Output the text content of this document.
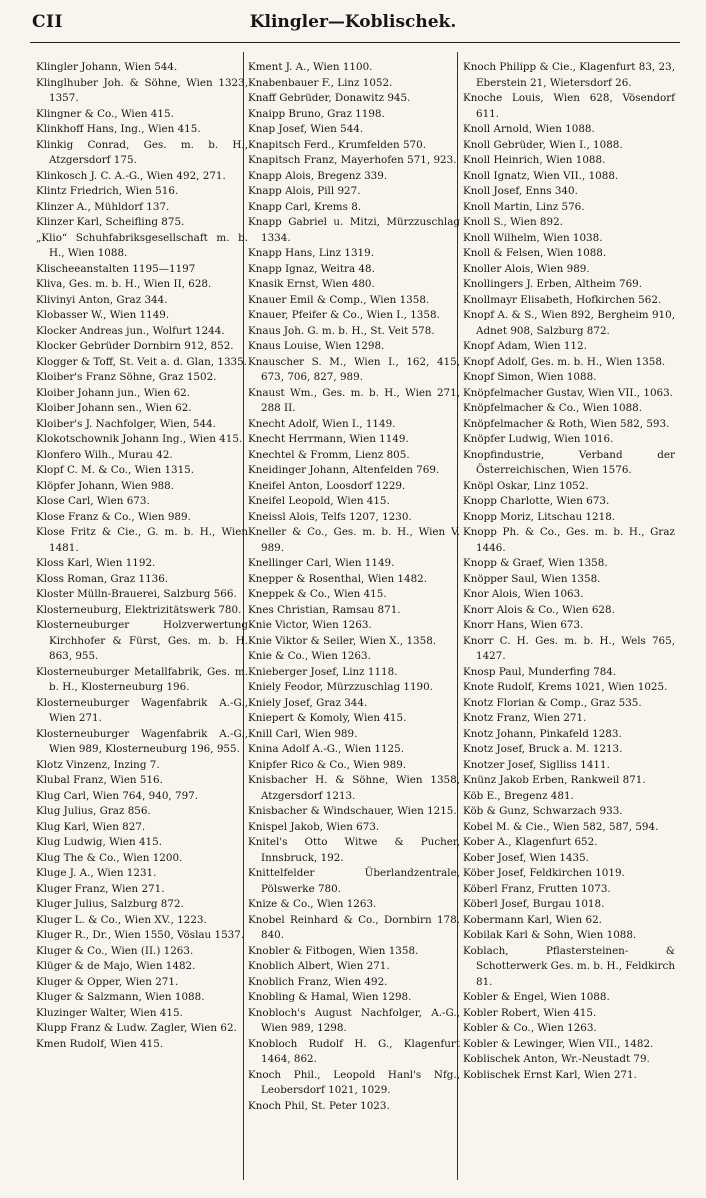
CII	Klingler—Koblischek.

Klingler Johann, Wien 544.

Klinglhuber Joh. & Söhne, Wien 1323, 1357.

Klingner & Co., Wien 415.

Klinkhoff Hans, Ing., Wien 415.

Klinkig Conrad, Ges. m. b. H., Atzgersdorf 175.

Klinkosch J. C. A.-G., Wien 492, 271.

Klintz Friedrich, Wien 516.

Klinzer A., Mühldorf 137.

Klinzer Karl, Scheifling 875.

„Klio“ Schuhfabriksgesellschaft m. b. H., Wien 1088.

Klischeeanstalten 1195—1197

Kliva, Ges. m. b. H., Wien II, 628.

Klivinyi Anton, Graz 344.

Klobasser W., Wien 1149.

Klocker Andreas jun., Wolfurt 1244.

Klocker Gebrüder Dornbirn 912, 852.

Klogger & Toff, St. Veit a. d. Glan, 1335.

Kloiber's Franz Söhne, Graz 1502.

Kloiber Johann jun., Wien 62.

Kloiber Johann sen., Wien 62.

Kloiber's J. Nachfolger, Wien, 544.

Klokotschownik Johann Ing., Wien 415.

Klonfero Wilh., Murau 42.

Klopf C. M. & Co., Wien 1315.

Klöpfer Johann, Wien 988.

Klose Carl, Wien 673.

Klose Franz & Co., Wien 989.

Klose Fritz & Cie., G. m. b. H., Wien 1481.

Kloss Karl, Wien 1192.

Kloss Roman, Graz 1136.

Kloster Mülln-Brauerei, Salzburg 566.

Klosterneuburg, Elektrizitätswerk 780.

Klosterneuburger Holzverwertung Kirchhofer & Fürst, Ges. m. b. H. 863, 955.

Klosterneuburger Metallfabrik, Ges. m. b. H., Klosterneuburg 196.

Klosterneuburger Wagenfabrik A.-G., Wien 271.

Klosterneuburger Wagenfabrik A.-G., Wien 989, Klosterneuburg 196, 955.

Klotz Vinzenz, Inzing 7.

Klubal Franz, Wien 516.

Klug Carl, Wien 764, 940, 797.

Klug Julius, Graz 856.

Klug Karl, Wien 827.

Klug Ludwig, Wien 415.

Klug The & Co., Wien 1200.

Kluge J. A., Wien 1231.

Kluger Franz, Wien 271.

Kluger Julius, Salzburg 872.

Kluger L. & Co., Wien XV., 1223.

Kluger R., Dr., Wien 1550, Vöslau 1537.

Kluger & Co., Wien (II.) 1263.

Klüger & de Majo, Wien 1482.

Kluger & Opper, Wien 271.

Kluger & Salzmann, Wien 1088.

Kluzinger Walter, Wien 415.

Klupp Franz & Ludw. Zagler, Wien 62.

Kmen Rudolf, Wien 415.

Kment J. A., Wien 1100.

Knabenbauer F., Linz 1052.

Knaff Gebrüder, Donawitz 945.

Knaipp Bruno, Graz 1198.

Knap Josef, Wien 544.

Knapitsch Ferd., Krumfelden 570.

Knapitsch Franz, Mayerhofen 571, 923.

Knapp Alois, Bregenz 339.

Knapp Alois, Pill 927.

Knapp Carl, Krems 8.

Knapp Gabriel u. Mitzi, Mürzzuschlag 1334.

Knapp Hans, Linz 1319.

Knapp Ignaz, Weitra 48.

Knasik Ernst, Wien 480.

Knauer Emil & Comp., Wien 1358.

Knauer, Pfeifer & Co., Wien I., 1358.

Knaus Joh. G. m. b. H., St. Veit 578.

Knaus Louise, Wien 1298.

Knauscher S. M., Wien I., 162, 415, 673, 706, 827, 989.

Knaust Wm., Ges. m. b. H., Wien 271, 288 II.

Knecht Adolf, Wien I., 1149.

Knecht Herrmann, Wien 1149.

Knechtel & Fromm, Lienz 805.

Kneidinger Johann, Altenfelden 769.

Kneifel Anton, Loosdorf 1229.

Kneifel Leopold, Wien 415.

Kneissl Alois, Telfs 1207, 1230.

Kneller & Co., Ges. m. b. H., Wien V. 989.

Knellinger Carl, Wien 1149.

Knepper & Rosenthal, Wien 1482.

Kneppek & Co., Wien 415.

Knes Christian, Ramsau 871.

Knie Victor, Wien 1263.

Knie Viktor & Seiler, Wien X., 1358.

Knie & Co., Wien 1263.

Knieberger Josef, Linz 1118.

Kniely Feodor, Mürzzuschlag 1190.

Kniely Josef, Graz 344.

Kniepert & Komoly, Wien 415.

Knill Carl, Wien 989.

Knina Adolf A.-G., Wien 1125.

Knipfer Rico & Co., Wien 989.

Knisbacher H. & Söhne, Wien 1358, Atzgersdorf 1213.

Knisbacher & Windschauer, Wien 1215.

Knispel Jakob, Wien 673.

Knitel's Otto Witwe & Pucher, Innsbruck, 192.

Knittelfelder Überlandzentrale, Pölswerke 780.

Knize & Co., Wien 1263.

Knobel Reinhard & Co., Dornbirn 178. 840.

Knobler & Fitbogen, Wien 1358.

Knoblich Albert, Wien 271.

Knoblich Franz, Wien 492.

Knobling & Hamal, Wien 1298.

Knobloch's August Nachfolger, A.-G., Wien 989, 1298.

Knobloch Rudolf H. G., Klagenfurt 1464, 862.

Knoch Phil., Leopold Hanl's Nfg., Leobersdorf 1021, 1029.

Knoch Phil, St. Peter 1023.

Knoch Philipp & Cie., Klagenfurt 83, 23, Eberstein 21, Wietersdorf 26.

Knoche Louis, Wien 628, Vösendorf 611.

Knoll Arnold, Wien 1088.

Knoll Gebrüder, Wien I., 1088.

Knoll Heinrich, Wien 1088.

Knoll Ignatz, Wien VII., 1088.

Knoll Josef, Enns 340.

Knoll Martin, Linz 576.

Knoll S., Wien 892.

Knoll Wilhelm, Wien 1038.

Knoll & Felsen, Wien 1088.

Knoller Alois, Wien 989.

Knollingers J. Erben, Altheim 769.

Knollmayr Elisabeth, Hofkirchen 562.

Knopf A. & S., Wien 892, Bergheim 910, Adnet 908, Salzburg 872.

Knopf Adam, Wien 112.

Knopf Adolf, Ges. m. b. H., Wien 1358.

Knopf Simon, Wien 1088.

Knöpfelmacher Gustav, Wien VII., 1063.

Knöpfelmacher & Co., Wien 1088.

Knöpfelmacher & Roth, Wien 582, 593.

Knöpfer Ludwig, Wien 1016.

Knopfindustrie, Verband der Österreichischen, Wien 1576.

Knöpl Oskar, Linz 1052.

Knopp Charlotte, Wien 673.

Knopp Moriz, Litschau 1218.

Knopp Ph. & Co., Ges. m. b. H., Graz 1446.

Knopp & Graef, Wien 1358.

Knöpper Saul, Wien 1358.

Knor Alois, Wien 1063.

Knorr Alois & Co., Wien 628.

Knorr Hans, Wien 673.

Knorr C. H. Ges. m. b. H., Wels 765, 1427.

Knosp Paul, Munderfing 784.

Knote Rudolf, Krems 1021, Wien 1025.

Knotz Florian & Comp., Graz 535.

Knotz Franz, Wien 271.

Knotz Johann, Pinkafeld 1283.

Knotz Josef, Bruck a. M. 1213.

Knotzer Josef, Siglliss 1411.

Knünz Jakob Erben, Rankweil 871.

Köb E., Bregenz 481.

Köb & Gunz, Schwarzach 933.

Kobel M. & Cie., Wien 582, 587, 594.

Kober A., Klagenfurt 652.

Kober Josef, Wien 1435.

Köber Josef, Feldkirchen 1019.

Köberl Franz, Frutten 1073.

Köberl Josef, Burgau 1018.

Kobermann Karl, Wien 62.

Kobilak Karl & Sohn, Wien 1088.

Koblach, Pflastersteinen- & Schotterwerk Ges. m. b. H., Feldkirch 81.

Kobler & Engel, Wien 1088.

Kobler Robert, Wien 415.

Kobler & Co., Wien 1263.

Kobler & Lewinger, Wien VII., 1482.

Koblischek Anton, Wr.-Neustadt 79.

Koblischek Ernst Karl, Wien 271.
